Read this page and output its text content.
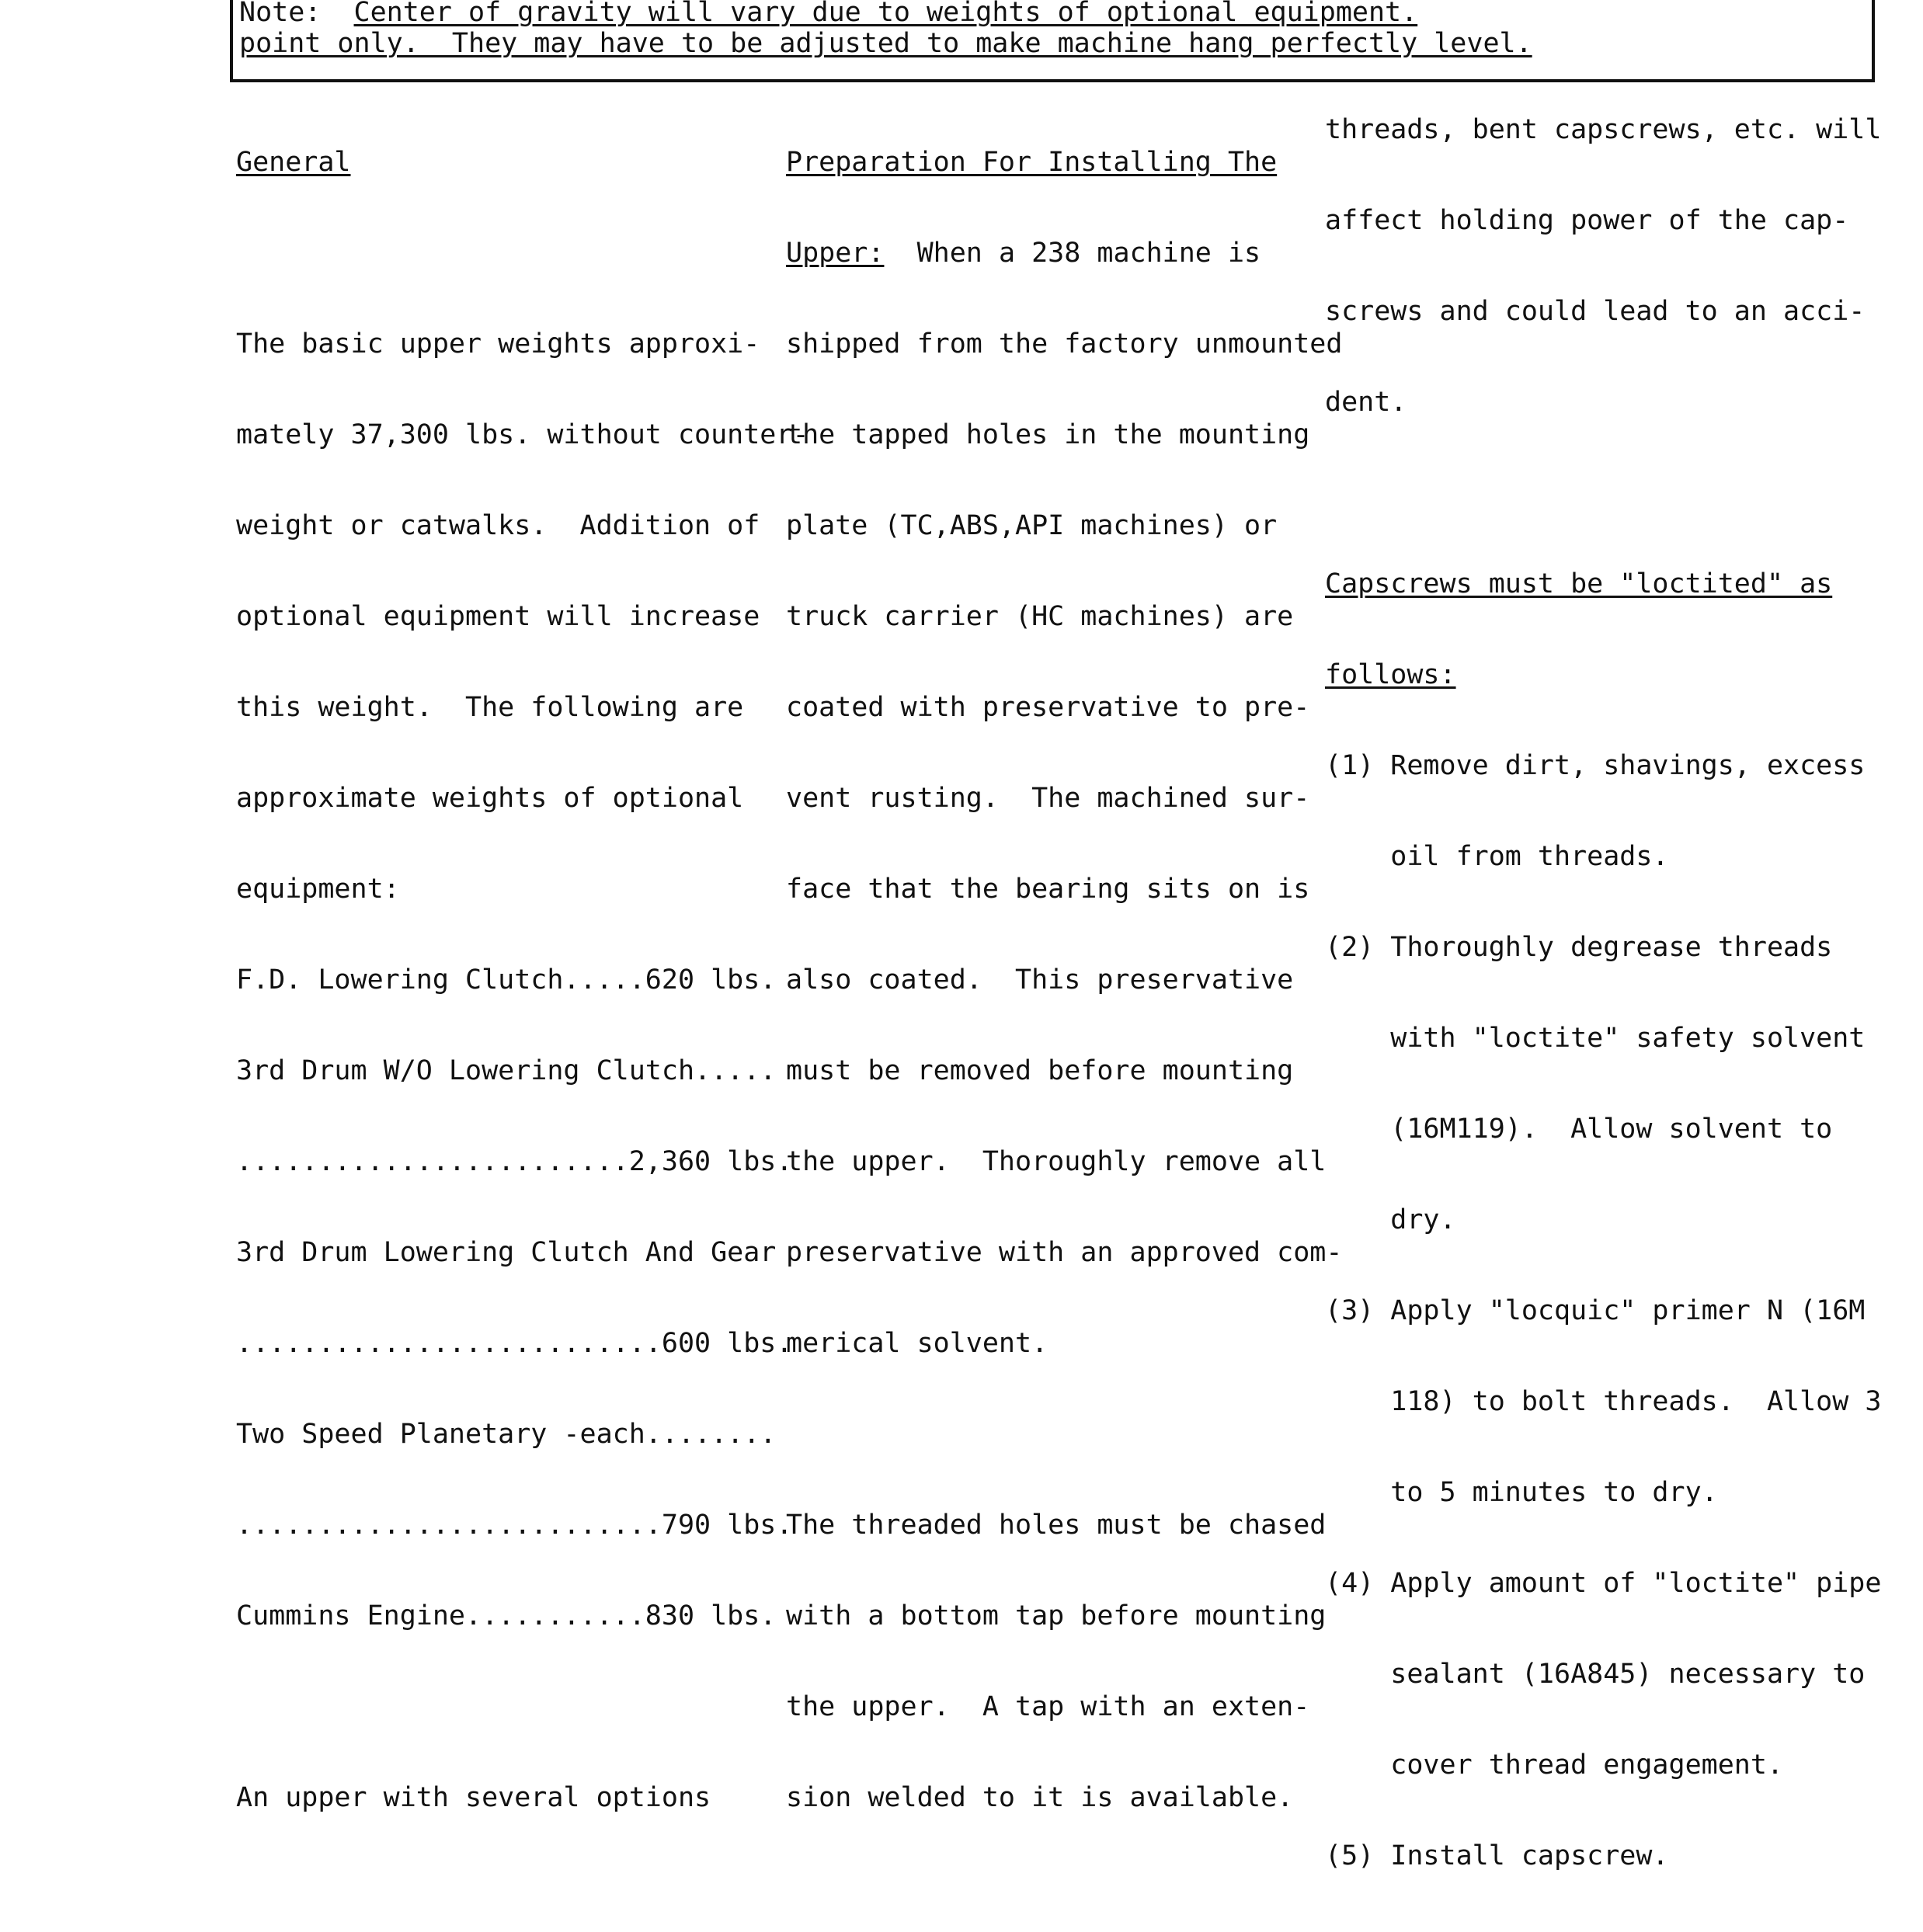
Note: Center of gravity will vary due to weights of optional equipment.
point only.  They may have to be adjusted to make machine hang perfectly level.

General

The basic upper weights approxi-

mately 37,300 lbs. without counter-

weight or catwalks.  Addition of

optional equipment will increase

this weight.  The following are

approximate weights of optional

equipment:

F.D. Lowering Clutch.....620 lbs.

3rd Drum W/O Lowering Clutch.....

........................2,360 lbs.

3rd Drum Lowering Clutch And Gear

..........................600 lbs.

Two Speed Planetary -each........

..........................790 lbs.

Cummins Engine...........830 lbs.

An upper with several options

Preparation For Installing The

Upper:  When a 238 machine is

shipped from the factory unmounted

the tapped holes in the mounting

plate (TC,ABS,API machines) or

truck carrier (HC machines) are

coated with preservative to pre-

vent rusting.  The machined sur-

face that the bearing sits on is

also coated.  This preservative

must be removed before mounting

the upper.  Thoroughly remove all

preservative with an approved com-

merical solvent.

The threaded holes must be chased

with a bottom tap before mounting

the upper.  A tap with an exten-

sion welded to it is available.

threads, bent capscrews, etc. will

affect holding power of the cap-

screws and could lead to an acci-

dent.

Capscrews must be "loctited" as

follows:

(1) Remove dirt, shavings, excess

oil from threads.

(2) Thoroughly degrease threads

with "loctite" safety solvent

(16M119).  Allow solvent to

dry.

(3) Apply "locquic" primer N (16M

118) to bolt threads.  Allow 3

to 5 minutes to dry.

(4) Apply amount of "loctite" pipe

sealant (16A845) necessary to

cover thread engagement.

(5) Install capscrew.
